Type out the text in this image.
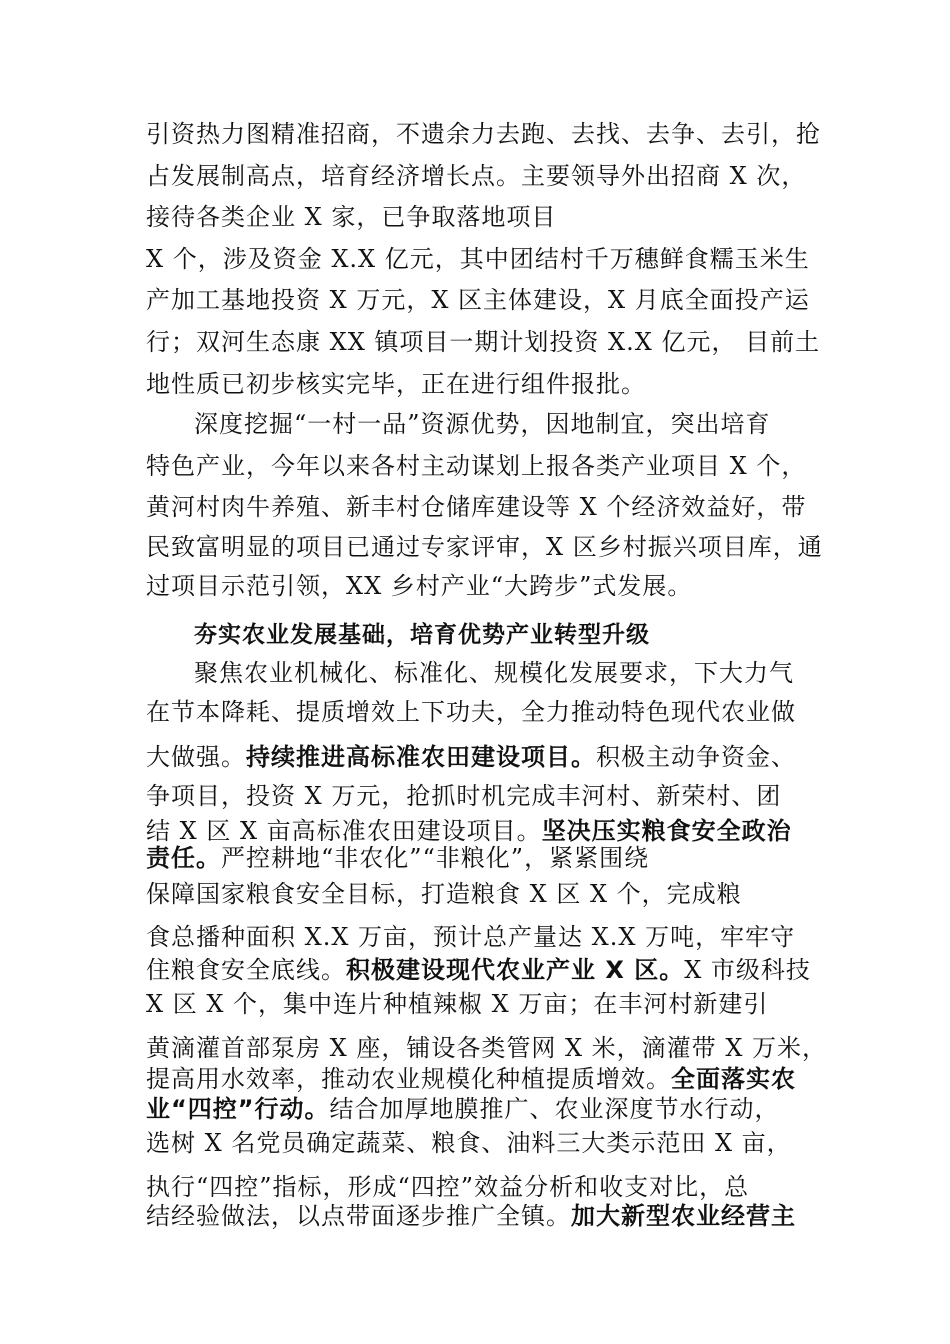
引资热力图精准招商，不遗余力去跑、去找、去争、去引，抢
占发展制高点，培育经济增长点。主要领导外出招商 X 次，
接待各类企业 X 家，已争取落地项目
X 个，涉及资金 X.X 亿元，其中团结村千万穗鲜食糯玉米生
产加工基地投资 X 万元，X 区主体建设，X 月底全面投产运
行；双河生态康 XX 镇项目一期计划投资 X.X 亿元， 目前土
地性质已初步核实完毕，正在进行组件报批。
深度挖掘“一村一品”资源优势，因地制宜，突出培育
特色产业，今年以来各村主动谋划上报各类产业项目 X 个，
黄河村肉牛养殖、新丰村仓储库建设等 X 个经济效益好，带
民致富明显的项目已通过专家评审，X 区乡村振兴项目库，通
过项目示范引领，XX 乡村产业“大跨步”式发展。
夯实农业发展基础，培育优势产业转型升级
聚焦农业机械化、标准化、规模化发展要求，下大力气
在节本降耗、提质增效上下功夫，全力推动特色现代农业做
大做强。持续推进高标准农田建设项目。积极主动争资金、
争项目，投资 X 万元，抢抓时机完成丰河村、新荣村、团
结 X 区 X 亩高标准农田建设项目。坚决压实粮食安全政治
责任。严控耕地“非农化”“非粮化”，紧紧围绕
保障国家粮食安全目标，打造粮食 X 区 X 个，完成粮
食总播种面积 X.X 万亩，预计总产量达 X.X 万吨，牢牢守
住粮食安全底线。积极建设现代农业产业 X 区。X 市级科技
X 区 X 个，集中连片种植辣椒 X 万亩；在丰河村新建引
黄滴灌首部泵房 X 座，铺设各类管网 X 米，滴灌带 X 万米，
提高用水效率，推动农业规模化种植提质增效。全面落实农
业“四控”行动。结合加厚地膜推广、农业深度节水行动，
选树 X 名党员确定蔬菜、粮食、油料三大类示范田 X 亩，
执行“四控”指标，形成“四控”效益分析和收支对比，总
结经验做法，以点带面逐步推广全镇。加大新型农业经营主
